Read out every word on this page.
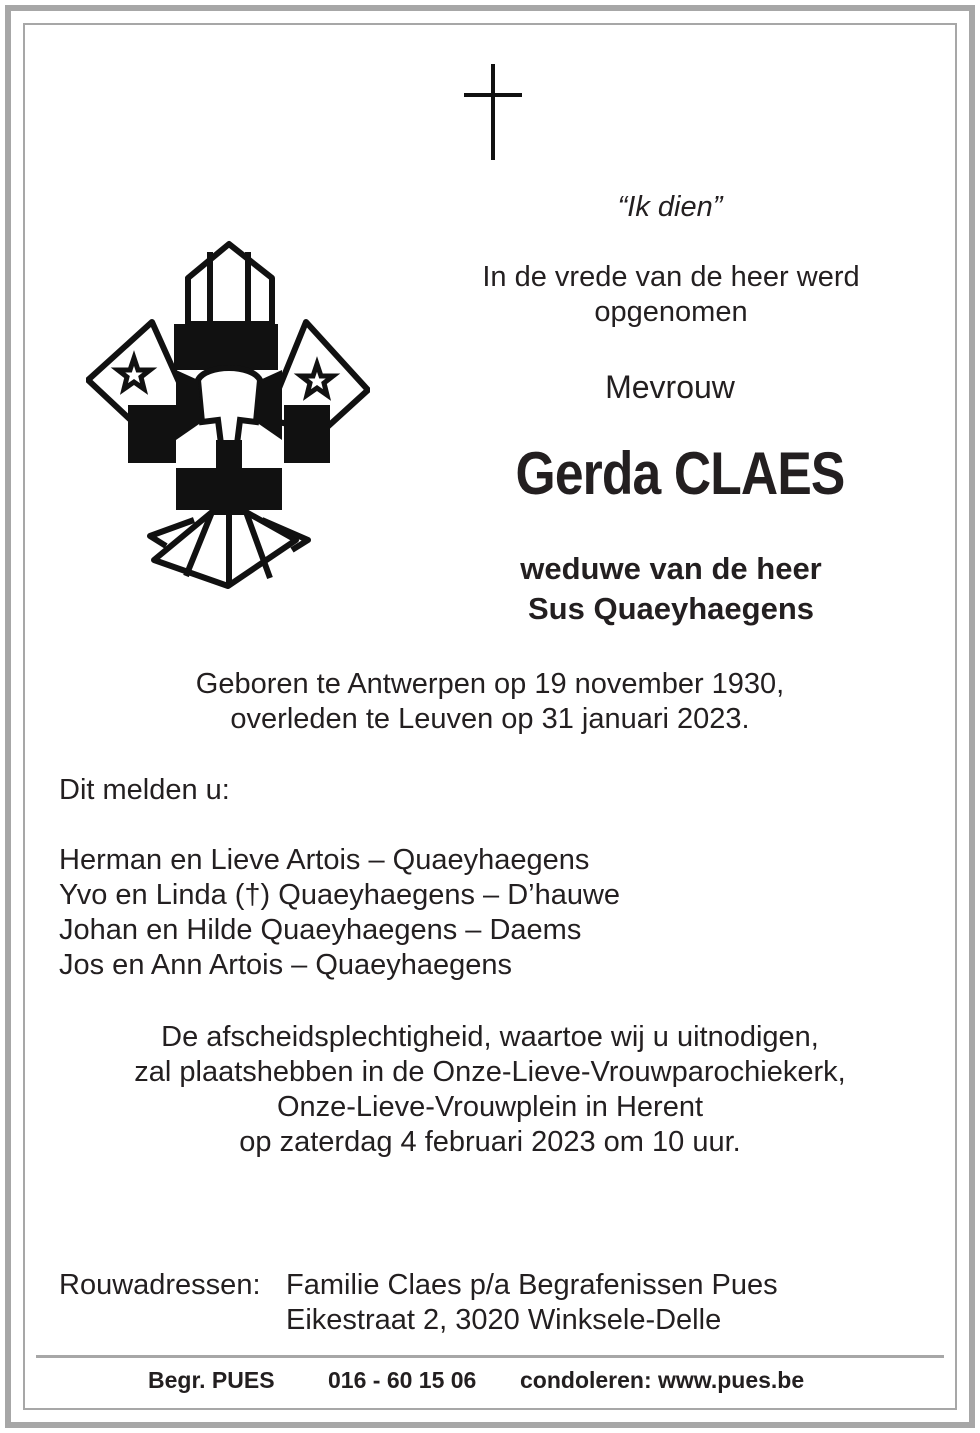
“Ik dien”
In de vrede van de heer werd
opgenomen
Mevrouw
Gerda CLAES
weduwe van de heer
Sus Quaeyhaegens
Geboren te Antwerpen op 19 november 1930,
overleden te Leuven op 31 januari 2023.
Dit melden u:
Herman en Lieve Artois – Quaeyhaegens
Yvo en Linda (†) Quaeyhaegens – D’hauwe
Johan en Hilde Quaeyhaegens – Daems
Jos en Ann Artois – Quaeyhaegens
De afscheidsplechtigheid, waartoe wij u uitnodigen,
zal plaatshebben in de Onze-Lieve-Vrouwparochiekerk,
Onze-Lieve-Vrouwplein in Herent
op zaterdag 4 februari 2023 om 10 uur.
Rouwadressen: Familie Claes p/a Begrafenissen Pues
Eikestraat 2, 3020 Winksele-Delle
Begr. PUES 016 - 60 15 06 condoleren: www.pues.be
